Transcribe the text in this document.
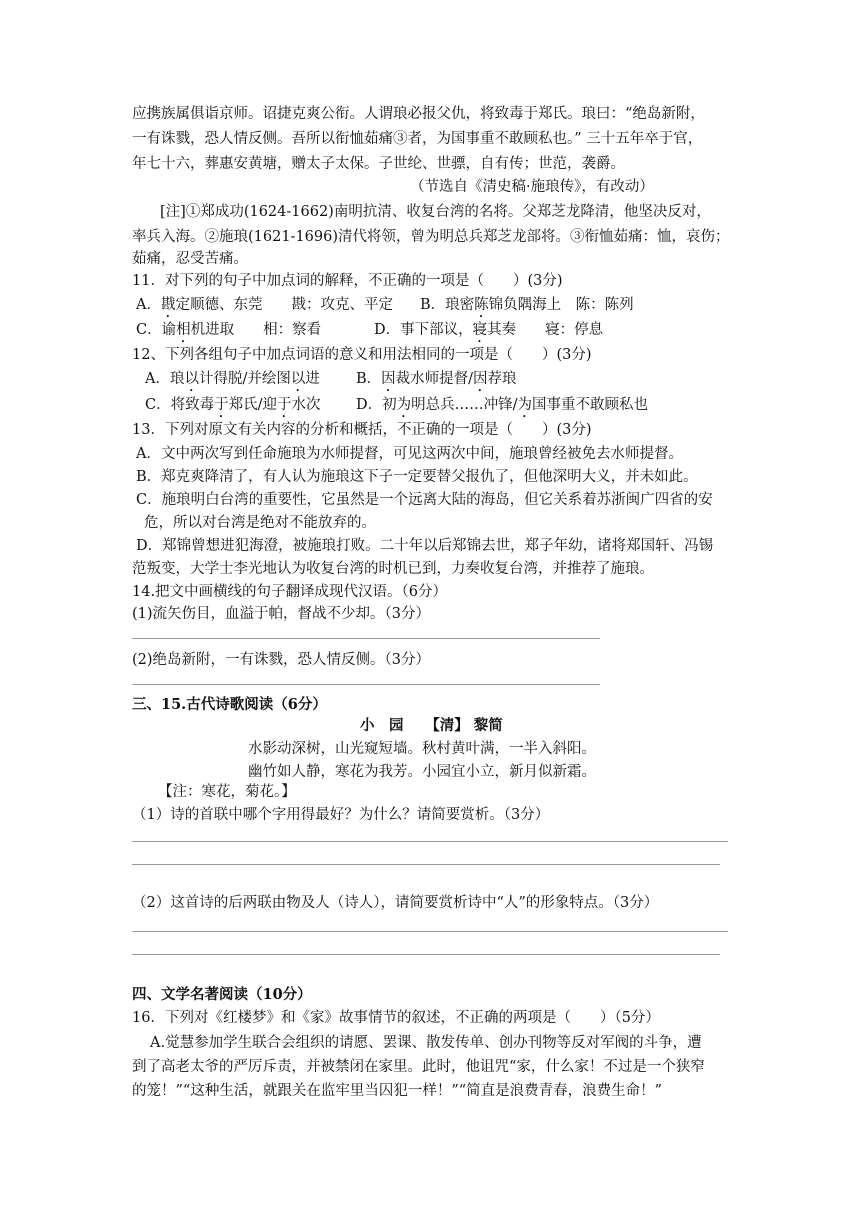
应携族属俱诣京师。诏捷克爽公衔。人谓琅必报父仇，将致毒于郑氏。琅曰：“绝岛新附，
一有诛戮，恐人情反侧。吾所以衔恤茹痛③者，为国事重不敢顾私也。” 三十五年卒于官，
年七十六，葬惠安黄塘，赠太子太保。子世纶、世骠，自有传；世范，袭爵。
（节选自《清史稿·施琅传》，有改动）
[注]①郑成功(1624-1662)南明抗清、收复台湾的名将。父郑芝龙降清，他坚决反对，
率兵入海。②施琅(1621-1696)清代将领，曾为明总兵郑芝龙部将。③衔恤茹痛：恤，哀伤；
茹痛，忍受苦痛。
11．对下列的句子中加点词的解释，不正确的一项是（　　）(3分)
A．戡定顺德、东莞　　戡：攻克、平定 B．琅密陈锦负隅海上　陈：陈列
C．谕相机进取　　相：察看	D．事下部议，寝其奏　　寝：停息
12、下列各组句子中加点词语的意义和用法相同的一项是（　　）(3分)
A．琅以计得脱/并绘图以进 B．因裁水师提督/因荐琅
C．将致毒于郑氏/迎于水次 D．初为明总兵……冲锋/为国事重不敢顾私也
13．下列对原文有关内容的分析和概括，不正确的一项是（　　）(3分)
A．文中两次写到任命施琅为水师提督，可见这两次中间，施琅曾经被免去水师提督。
B．郑克爽降清了，有人认为施琅这下子一定要替父报仇了，但他深明大义，并未如此。
C．施琅明白台湾的重要性，它虽然是一个远离大陆的海岛，但它关系着苏浙闽广四省的安
危，所以对台湾是绝对不能放弃的。
D．郑锦曾想进犯海澄，被施琅打败。二十年以后郑锦去世，郑子年幼，诸将郑国轩、冯锡
范叛变，大学士李光地认为收复台湾的时机已到，力奏收复台湾，并推荐了施琅。
14.把文中画横线的句子翻译成现代汉语。（6分）
(1)流矢伤目，血溢于帕，督战不少却。（3分）
(2)绝岛新附，一有诛戮，恐人情反侧。（3分）
三、15.古代诗歌阅读（6分）
小　园　　【清】 黎简
水影动深树，山光窥短墙。秋村黄叶满，一半入斜阳。
幽竹如人静，寒花为我芳。小园宜小立，新月似新霜。
【注：寒花，菊花。】
（1）诗的首联中哪个字用得最好？为什么？请简要赏析。（3分）
（2）这首诗的后两联由物及人（诗人），请简要赏析诗中“人”的形象特点。（3分）
四、文学名著阅读（10分）
16．下列对《红楼梦》和《家》故事情节的叙述，不正确的两项是（　　）（5分）
A.觉慧参加学生联合会组织的请愿、罢课、散发传单、创办刊物等反对军阀的斗争，遭
到了高老太爷的严厉斥责，并被禁闭在家里。此时，他诅咒“家，什么家！不过是一个狭窄
的笼！”“这种生活，就跟关在监牢里当囚犯一样！”“简直是浪费青春，浪费生命！”
